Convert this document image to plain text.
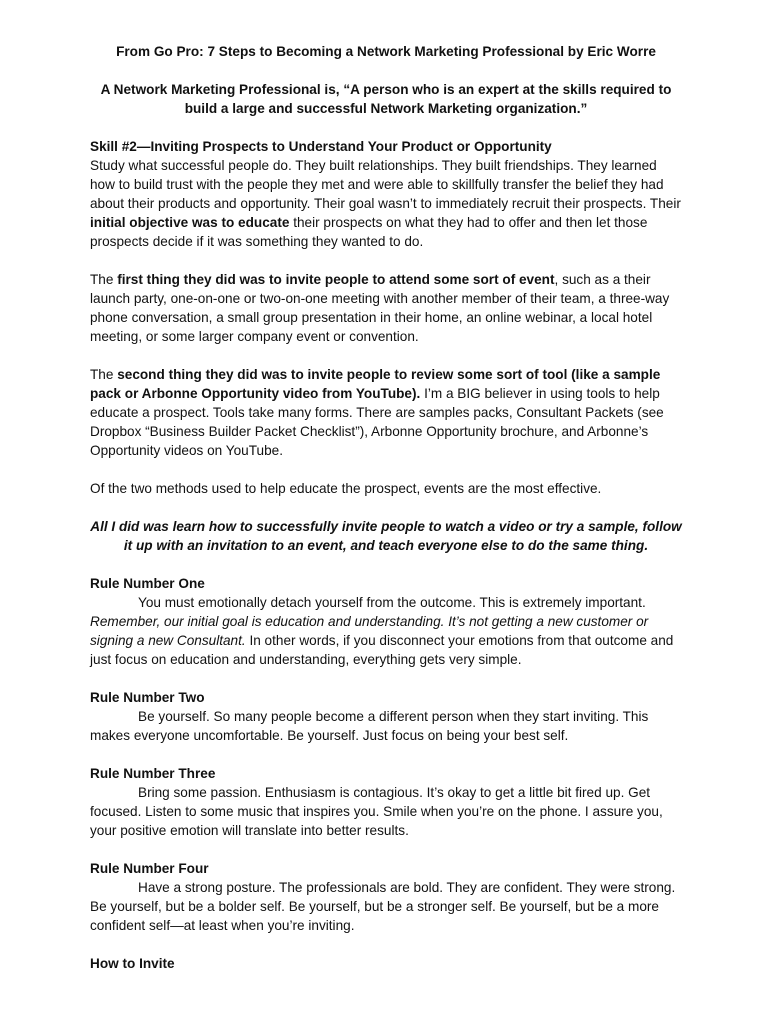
From Go Pro: 7 Steps to Becoming a Network Marketing Professional by Eric Worre

A Network Marketing Professional is, “A person who is an expert at the skills required to build a large and successful Network Marketing organization.”

Skill #2—Inviting Prospects to Understand Your Product or Opportunity

Study what successful people do. They built relationships. They built friendships. They learned how to build trust with the people they met and were able to skillfully transfer the belief they had about their products and opportunity. Their goal wasn’t to immediately recruit their prospects. Their initial objective was to educate their prospects on what they had to offer and then let those prospects decide if it was something they wanted to do.

The first thing they did was to invite people to attend some sort of event, such as a their launch party, one-on-one or two-on-one meeting with another member of their team, a three-way phone conversation, a small group presentation in their home, an online webinar, a local hotel meeting, or some larger company event or convention.

The second thing they did was to invite people to review some sort of tool (like a sample pack or Arbonne Opportunity video from YouTube). I’m a BIG believer in using tools to help educate a prospect. Tools take many forms. There are samples packs, Consultant Packets (see Dropbox “Business Builder Packet Checklist”), Arbonne Opportunity brochure, and Arbonne’s Opportunity videos on YouTube.

Of the two methods used to help educate the prospect, events are the most effective.

All I did was learn how to successfully invite people to watch a video or try a sample, follow it up with an invitation to an event, and teach everyone else to do the same thing.

Rule Number One

You must emotionally detach yourself from the outcome. This is extremely important. Remember, our initial goal is education and understanding. It’s not getting a new customer or signing a new Consultant. In other words, if you disconnect your emotions from that outcome and just focus on education and understanding, everything gets very simple.

Rule Number Two

Be yourself. So many people become a different person when they start inviting. This makes everyone uncomfortable. Be yourself. Just focus on being your best self.

Rule Number Three

Bring some passion. Enthusiasm is contagious. It’s okay to get a little bit fired up. Get focused. Listen to some music that inspires you. Smile when you’re on the phone. I assure you, your positive emotion will translate into better results.

Rule Number Four

Have a strong posture. The professionals are bold. They are confident. They were strong. Be yourself, but be a bolder self. Be yourself, but be a stronger self. Be yourself, but be a more confident self—at least when you’re inviting.

How to Invite
